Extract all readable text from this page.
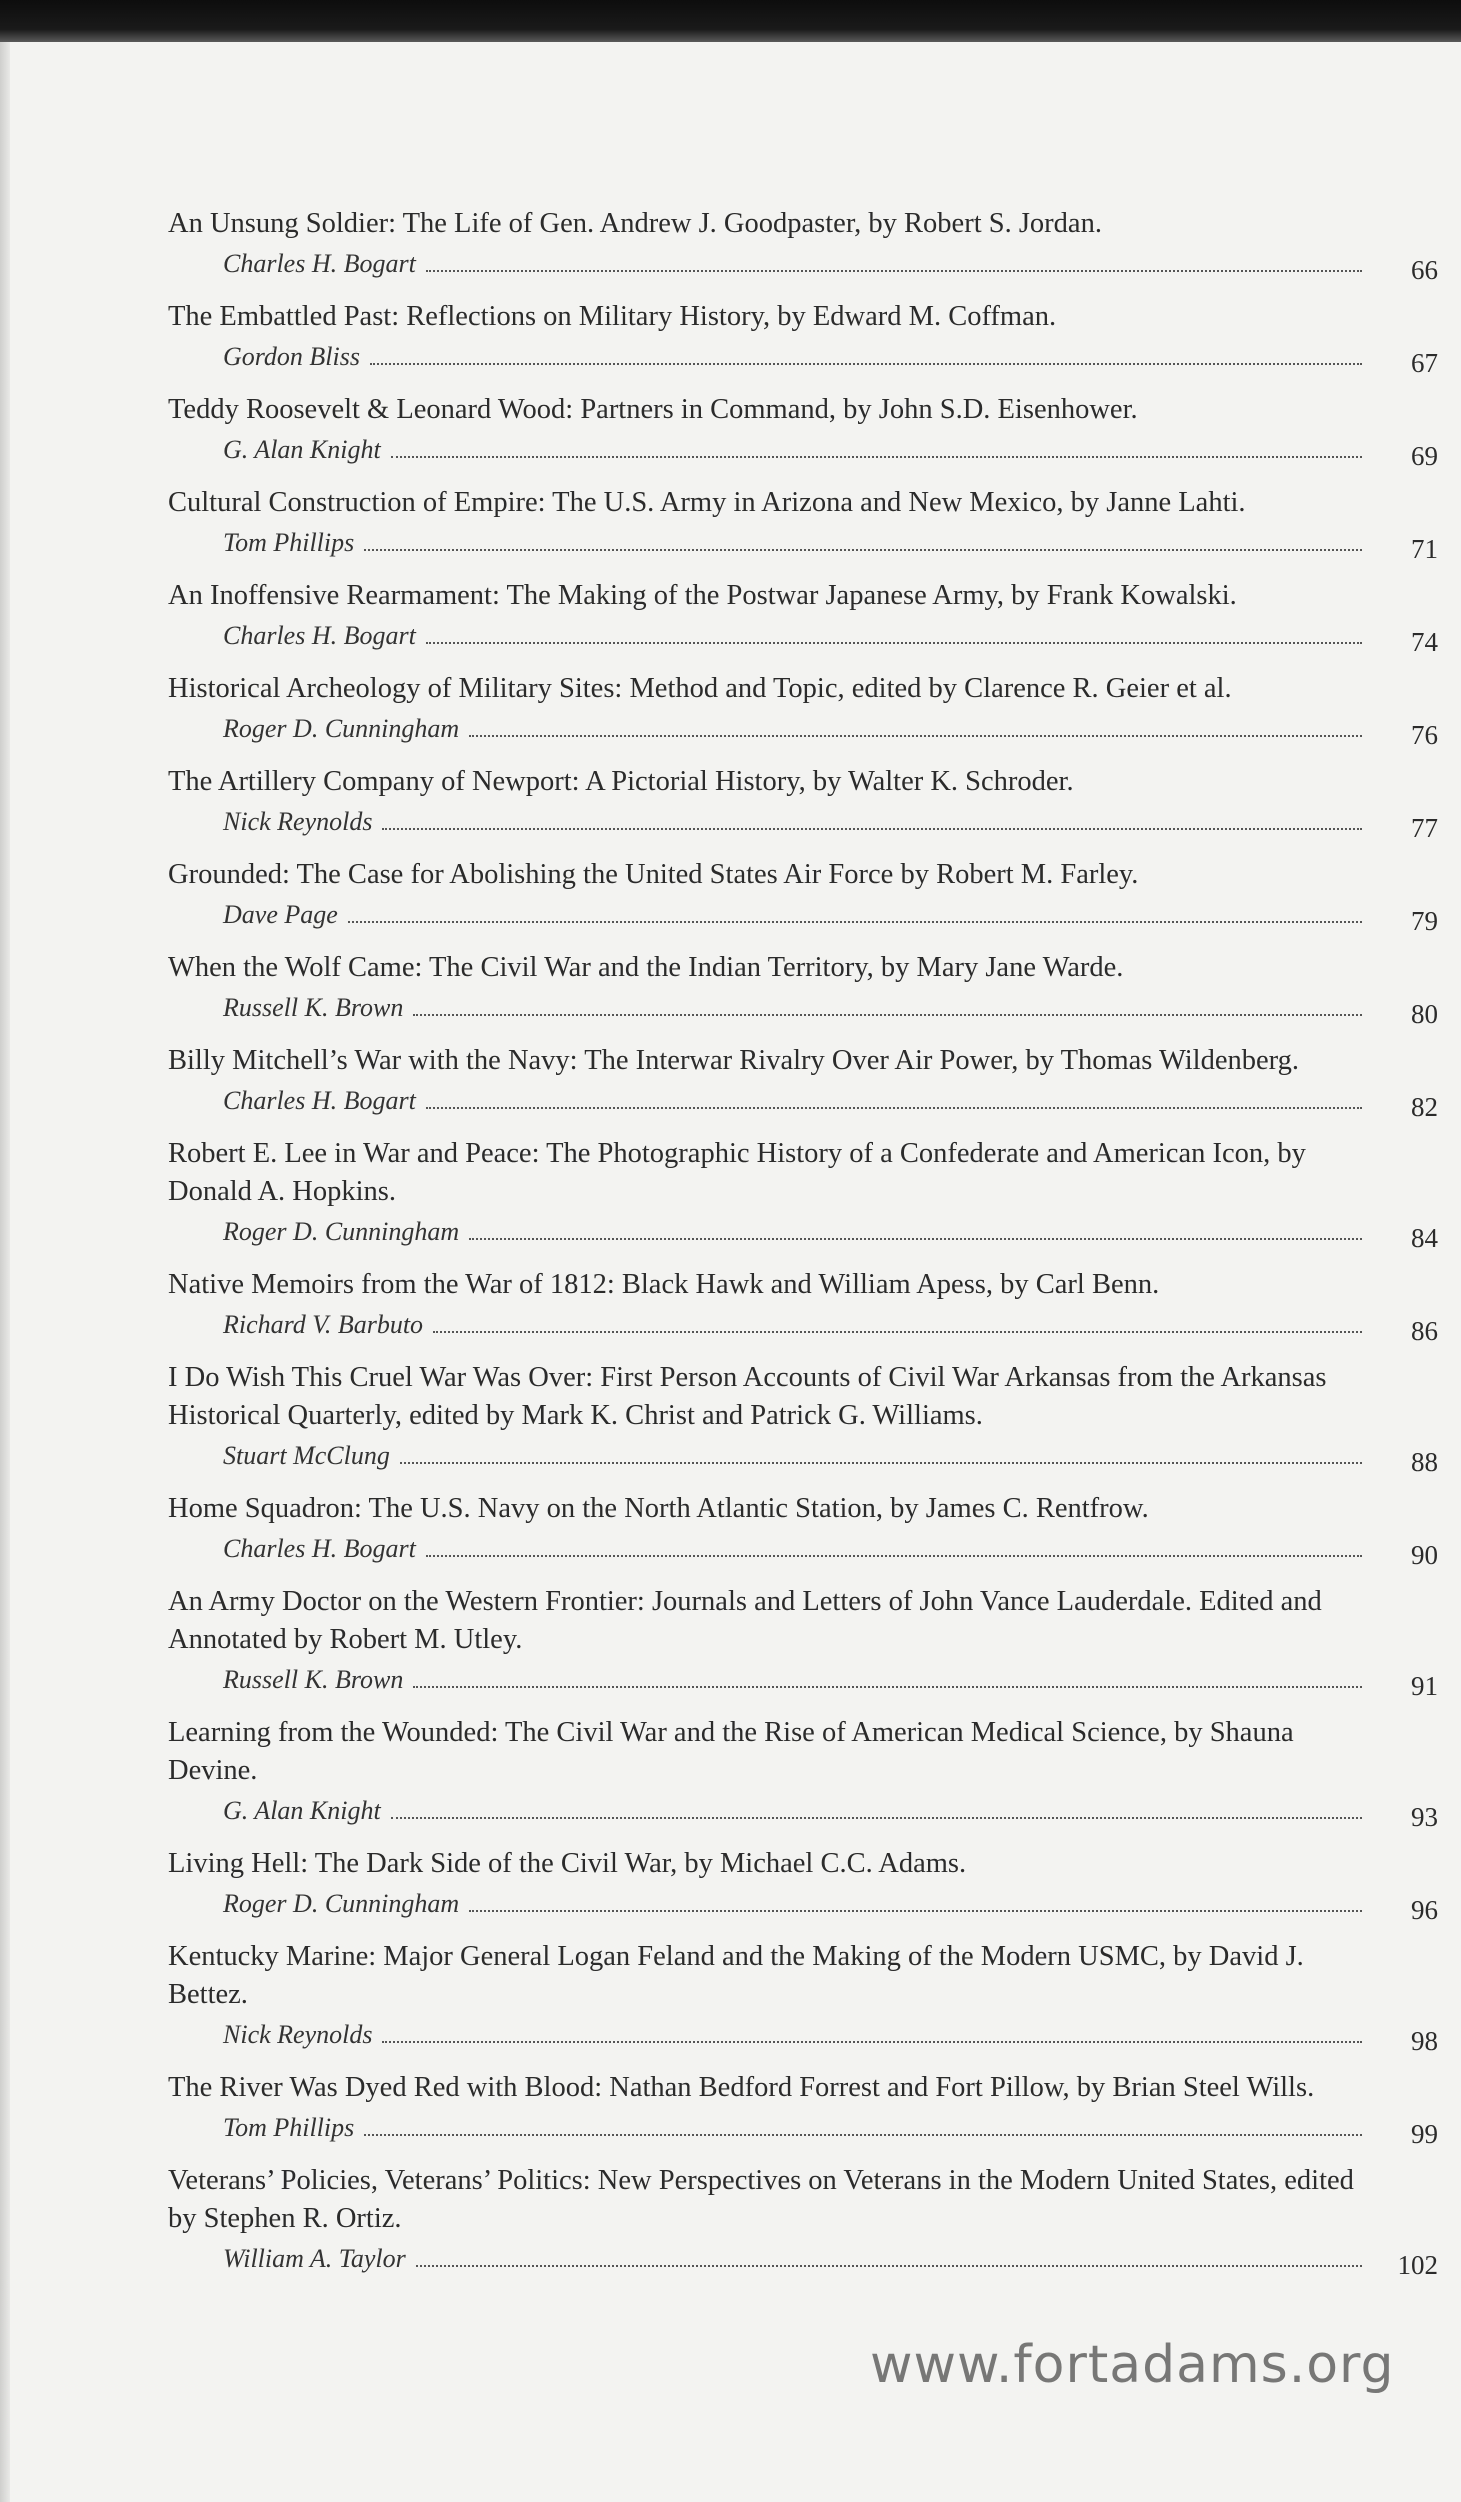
An Unsung Soldier: The Life of Gen. Andrew J. Goodpaster, by Robert S. Jordan.
Charles H. Bogart	66
The Embattled Past: Reflections on Military History, by Edward M. Coffman.
Gordon Bliss	67
Teddy Roosevelt & Leonard Wood: Partners in Command, by John S.D. Eisenhower.
G. Alan Knight	69
Cultural Construction of Empire: The U.S. Army in Arizona and New Mexico, by Janne Lahti.
Tom Phillips	71
An Inoffensive Rearmament: The Making of the Postwar Japanese Army, by Frank Kowalski.
Charles H. Bogart	74
Historical Archeology of Military Sites: Method and Topic, edited by Clarence R. Geier et al.
Roger D. Cunningham	76
The Artillery Company of Newport: A Pictorial History, by Walter K. Schroder.
Nick Reynolds	77
Grounded: The Case for Abolishing the United States Air Force by Robert M. Farley.
Dave Page	79
When the Wolf Came: The Civil War and the Indian Territory, by Mary Jane Warde.
Russell K. Brown	80
Billy Mitchell’s War with the Navy: The Interwar Rivalry Over Air Power, by Thomas Wildenberg.
Charles H. Bogart	82
Robert E. Lee in War and Peace: The Photographic History of a Confederate and American Icon, by Donald A. Hopkins.
Roger D. Cunningham	84
Native Memoirs from the War of 1812: Black Hawk and William Apess, by Carl Benn.
Richard V. Barbuto	86
I Do Wish This Cruel War Was Over: First Person Accounts of Civil War Arkansas from the Arkansas Historical Quarterly, edited by Mark K. Christ and Patrick G. Williams.
Stuart McClung	88
Home Squadron: The U.S. Navy on the North Atlantic Station, by James C. Rentfrow.
Charles H. Bogart	90
An Army Doctor on the Western Frontier: Journals and Letters of John Vance Lauderdale. Edited and Annotated by Robert M. Utley.
Russell K. Brown	91
Learning from the Wounded: The Civil War and the Rise of American Medical Science, by Shauna Devine.
G. Alan Knight	93
Living Hell: The Dark Side of the Civil War, by Michael C.C. Adams.
Roger D. Cunningham	96
Kentucky Marine: Major General Logan Feland and the Making of the Modern USMC, by David J. Bettez.
Nick Reynolds	98
The River Was Dyed Red with Blood: Nathan Bedford Forrest and Fort Pillow, by Brian Steel Wills.
Tom Phillips	99
Veterans’ Policies, Veterans’ Politics: New Perspectives on Veterans in the Modern United States, edited by Stephen R. Ortiz.
William A. Taylor	102
www.fortadams.org
